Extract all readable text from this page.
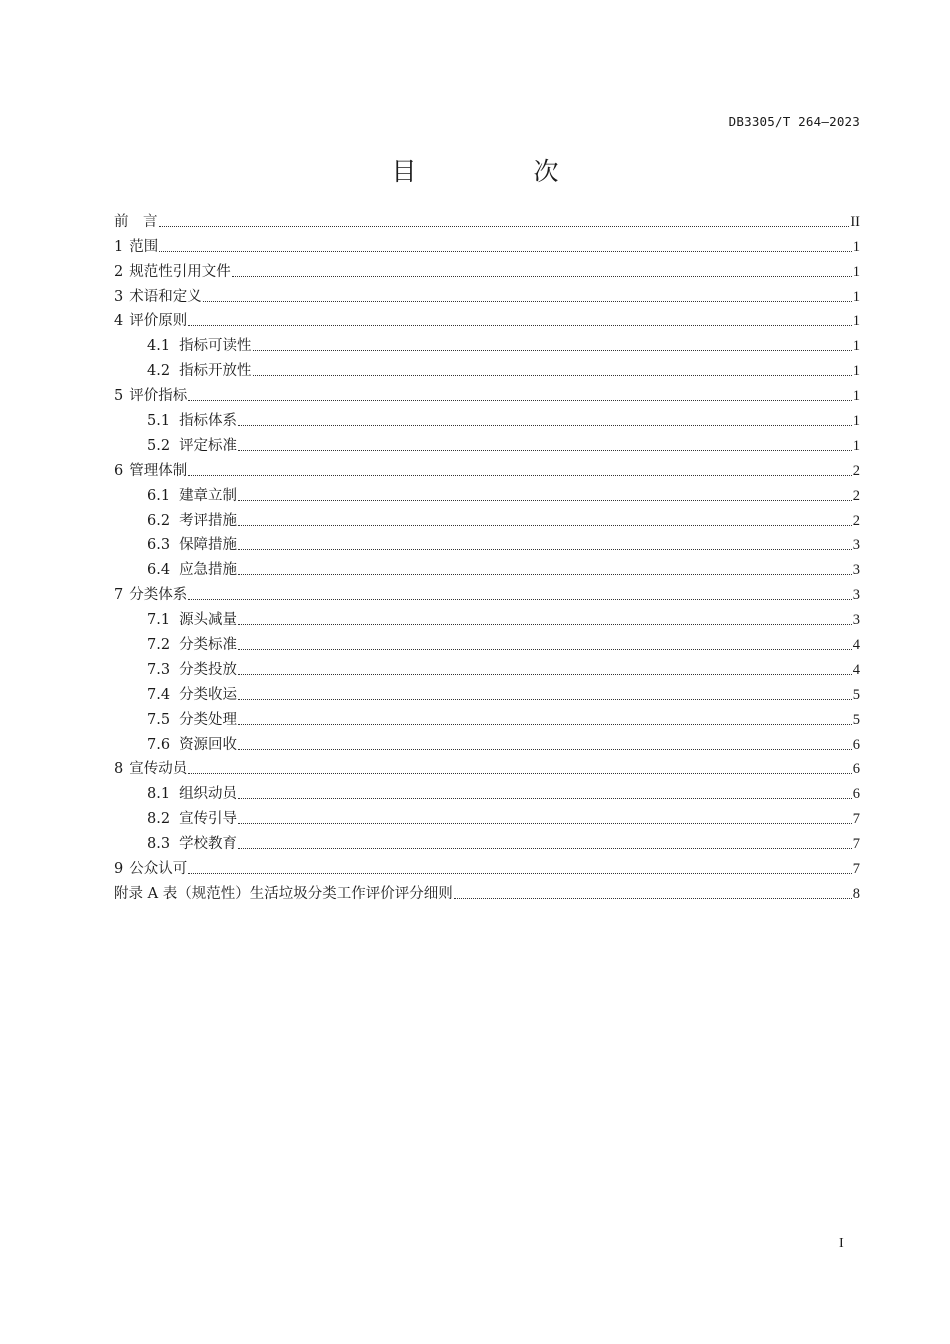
DB3305/T 264—2023
目　次
前　言	II
1 范围	1
2 规范性引用文件	1
3 术语和定义	1
4 评价原则	1
4.1 指标可读性	1
4.2 指标开放性	1
5 评价指标	1
5.1 指标体系	1
5.2 评定标准	1
6 管理体制	2
6.1 建章立制	2
6.2 考评措施	2
6.3 保障措施	3
6.4 应急措施	3
7 分类体系	3
7.1 源头减量	3
7.2 分类标准	4
7.3 分类投放	4
7.4 分类收运	5
7.5 分类处理	5
7.6 资源回收	6
8 宣传动员	6
8.1 组织动员	6
8.2 宣传引导	7
8.3 学校教育	7
9 公众认可	7
附录 A 表（规范性）生活垃圾分类工作评价评分细则	8
I
